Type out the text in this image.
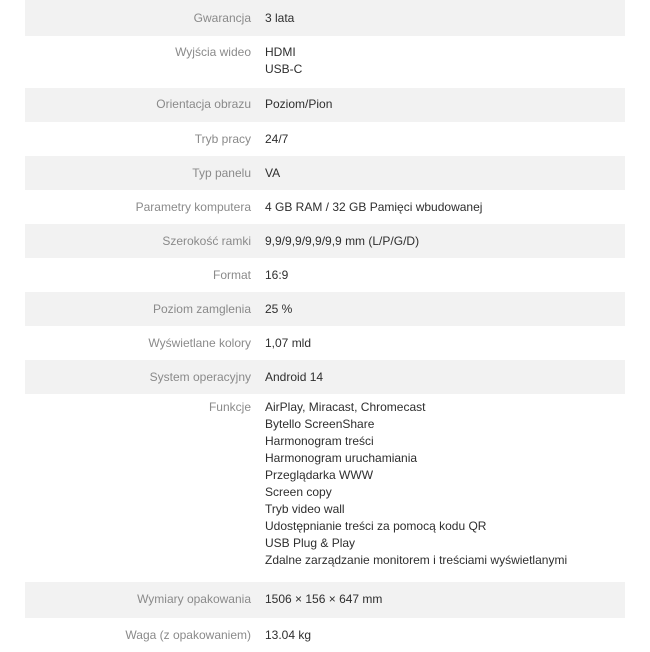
Gwarancja 3 lata
Wyjścia wideo HDMI
USB-C
Orientacja obrazu Poziom/Pion
Tryb pracy 24/7
Typ panelu VA
Parametry komputera 4 GB RAM / 32 GB Pamięci wbudowanej
Szerokość ramki 9,9/9,9/9,9/9,9 mm (L/P/G/D)
Format 16:9
Poziom zamglenia 25 %
Wyświetlane kolory 1,07 mld
System operacyjny Android 14
Funkcje AirPlay, Miracast, Chromecast
Bytello ScreenShare
Harmonogram treści
Harmonogram uruchamiania
Przeglądarka WWW
Screen copy
Tryb video wall
Udostępnianie treści za pomocą kodu QR
USB Plug & Play
Zdalne zarządzanie monitorem i treściami wyświetlanymi
Wymiary opakowania 1506 × 156 × 647 mm
Waga (z opakowaniem) 13.04 kg
